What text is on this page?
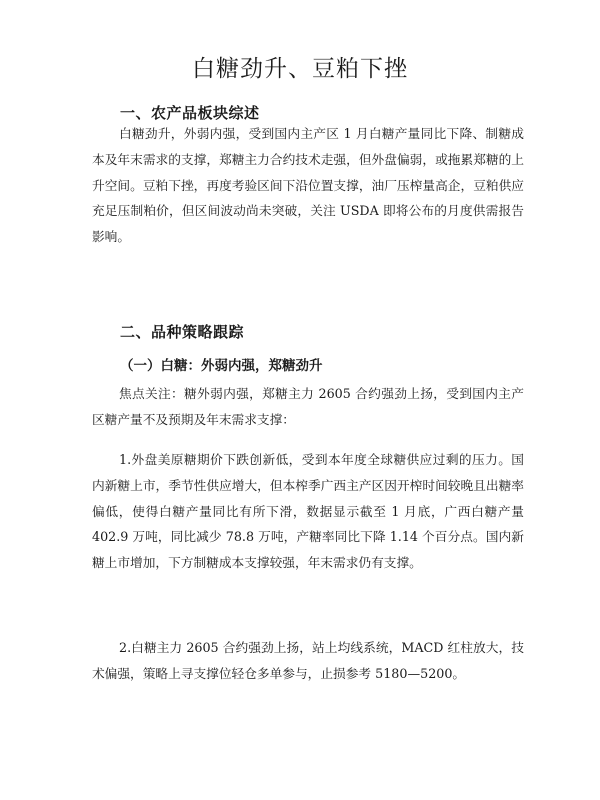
白糖劲升、豆粕下挫
一、农产品板块综述

白糖劲升，外弱内强，受到国内主产区 1 月白糖产量同比下降、制糖成本及年末需求的支撑，郑糖主力合约技术走强，但外盘偏弱，或拖累郑糖的上升空间。豆粕下挫，再度考验区间下沿位置支撑，油厂压榨量高企，豆粕供应充足压制粕价，但区间波动尚未突破，关注 USDA 即将公布的月度供需报告影响。

二、品种策略跟踪
（一）白糖：外弱内强，郑糖劲升

焦点关注：糖外弱内强，郑糖主力 2605 合约强劲上扬，受到国内主产区糖产量不及预期及年末需求支撑：

1.外盘美原糖期价下跌创新低，受到本年度全球糖供应过剩的压力。国内新糖上市，季节性供应增大，但本榨季广西主产区因开榨时间较晚且出糖率偏低，使得白糖产量同比有所下滑，数据显示截至 1 月底，广西白糖产量 402.9 万吨，同比减少 78.8 万吨，产糖率同比下降 1.14 个百分点。国内新糖上市增加，下方制糖成本支撑较强，年末需求仍有支撑。

2.白糖主力 2605 合约强劲上扬，站上均线系统，MACD 红柱放大，技术偏强，策略上寻支撑位轻仓多单参与，止损参考 5180—5200。
